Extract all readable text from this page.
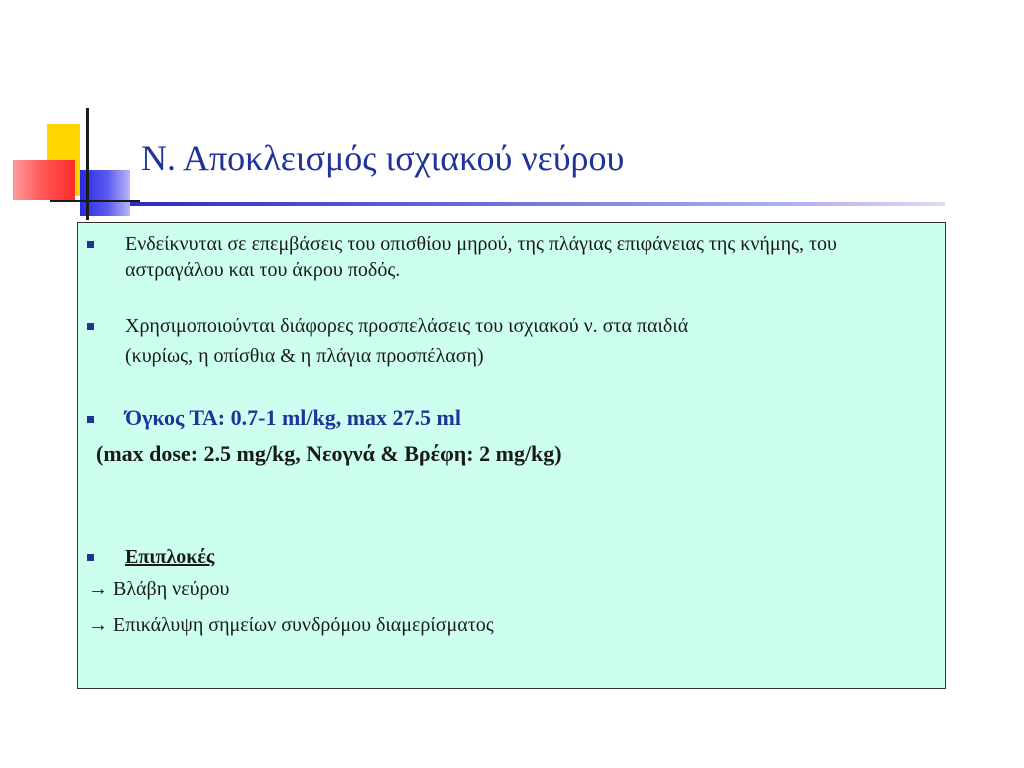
Ν. Αποκλεισμός ισχιακού νεύρου
Ενδείκνυται σε επεμβάσεις του οπισθίου μηρού, της πλάγιας επιφάνειας της κνήμης, του αστραγάλου και του άκρου ποδός.
Χρησιμοποιούνται διάφορες προσπελάσεις του ισχιακού ν. στα παιδιά
(κυρίως, η οπίσθια & η πλάγια προσπέλαση)
Όγκος ΤΑ: 0.7-1 ml/kg, max 27.5 ml
(max dose: 2.5 mg/kg, Νεογνά & Βρέφη: 2 mg/kg)
Επιπλοκές
→ Βλάβη νεύρου
→ Επικάλυψη σημείων συνδρόμου διαμερίσματος
